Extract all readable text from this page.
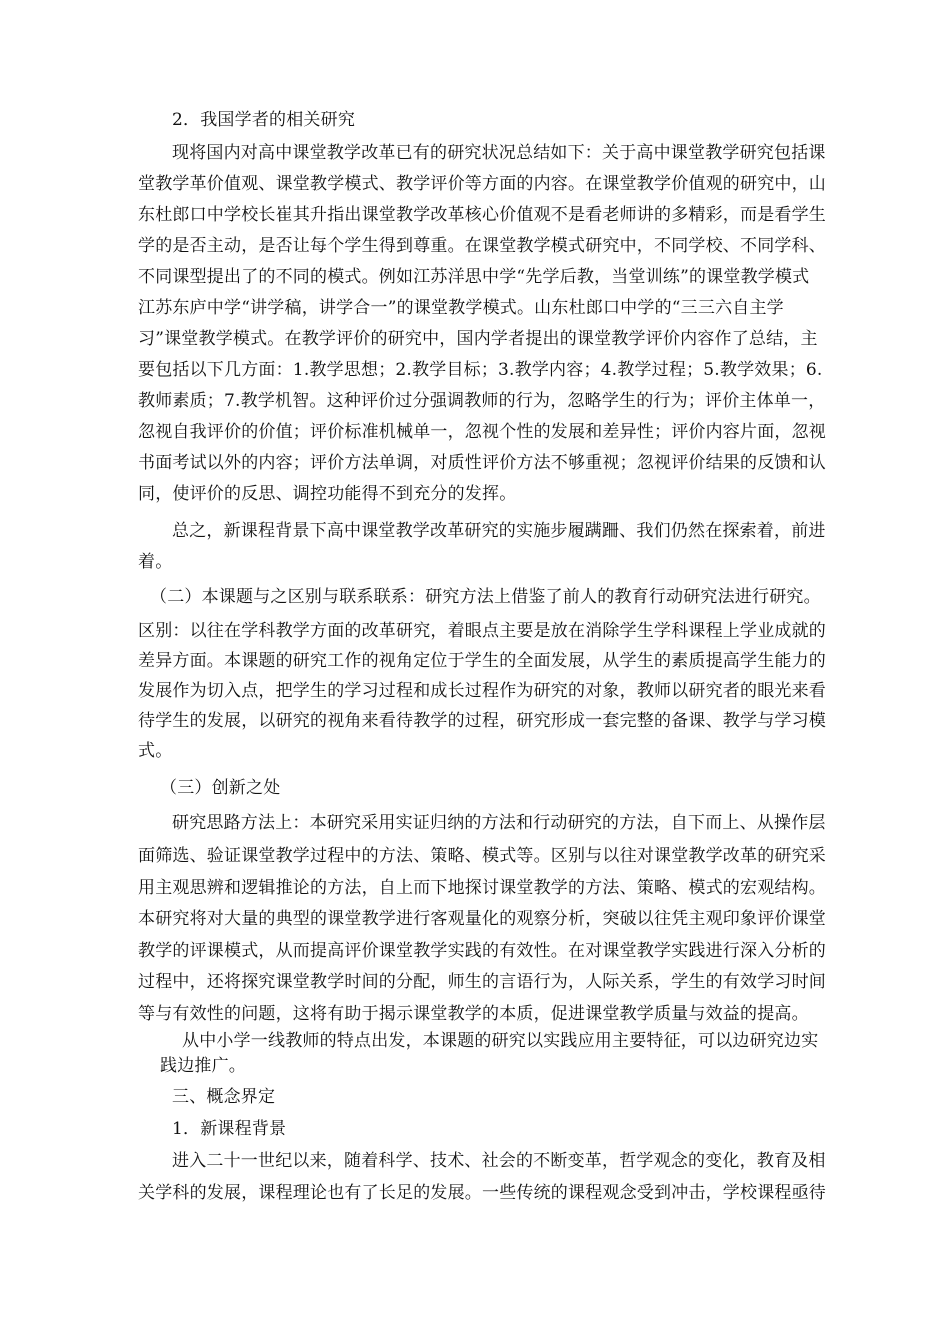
2．我国学者的相关研究
现将国内对高中课堂教学改革已有的研究状况总结如下：关于高中课堂教学研究包括课
堂教学革价值观、课堂教学模式、教学评价等方面的内容。在课堂教学价值观的研究中，山
东杜郎口中学校长崔其升指出课堂教学改革核心价值观不是看老师讲的多精彩，而是看学生
学的是否主动，是否让每个学生得到尊重。在课堂教学模式研究中，不同学校、不同学科、
不同课型提出了的不同的模式。例如江苏洋思中学“先学后教，当堂训练”的课堂教学模式
江苏东庐中学“讲学稿，讲学合一”的课堂教学模式。山东杜郎口中学的“三三六自主学
习”课堂教学模式。在教学评价的研究中，国内学者提出的课堂教学评价内容作了总结，主
要包括以下几方面：1.教学思想；2.教学目标；3.教学内容；4.教学过程；5.教学效果；6.
教师素质；7.教学机智。这种评价过分强调教师的行为，忽略学生的行为；评价主体单一，
忽视自我评价的价值；评价标准机械单一，忽视个性的发展和差异性；评价内容片面，忽视
书面考试以外的内容；评价方法单调，对质性评价方法不够重视；忽视评价结果的反馈和认
同，使评价的反思、调控功能得不到充分的发挥。
总之，新课程背景下高中课堂教学改革研究的实施步履蹒跚、我们仍然在探索着，前进
着。
（二）本课题与之区别与联系联系：研究方法上借鉴了前人的教育行动研究法进行研究。
区别：以往在学科教学方面的改革研究，着眼点主要是放在消除学生学科课程上学业成就的
差异方面。本课题的研究工作的视角定位于学生的全面发展，从学生的素质提高学生能力的
发展作为切入点，把学生的学习过程和成长过程作为研究的对象，教师以研究者的眼光来看
待学生的发展，以研究的视角来看待教学的过程，研究形成一套完整的备课、教学与学习模
式。
（三）创新之处
研究思路方法上：本研究采用实证归纳的方法和行动研究的方法，自下而上、从操作层
面筛选、验证课堂教学过程中的方法、策略、模式等。区别与以往对课堂教学改革的研究采
用主观思辨和逻辑推论的方法，自上而下地探讨课堂教学的方法、策略、模式的宏观结构。
本研究将对大量的典型的课堂教学进行客观量化的观察分析，突破以往凭主观印象评价课堂
教学的评课模式，从而提高评价课堂教学实践的有效性。在对课堂教学实践进行深入分析的
过程中，还将探究课堂教学时间的分配，师生的言语行为，人际关系，学生的有效学习时间
等与有效性的问题，这将有助于揭示课堂教学的本质，促进课堂教学质量与效益的提高。
从中小学一线教师的特点出发，本课题的研究以实践应用主要特征，可以边研究边实
践边推广。
三、概念界定
1．新课程背景
进入二十一世纪以来，随着科学、技术、社会的不断变革，哲学观念的变化，教育及相
关学科的发展，课程理论也有了长足的发展。一些传统的课程观念受到冲击，学校课程亟待
